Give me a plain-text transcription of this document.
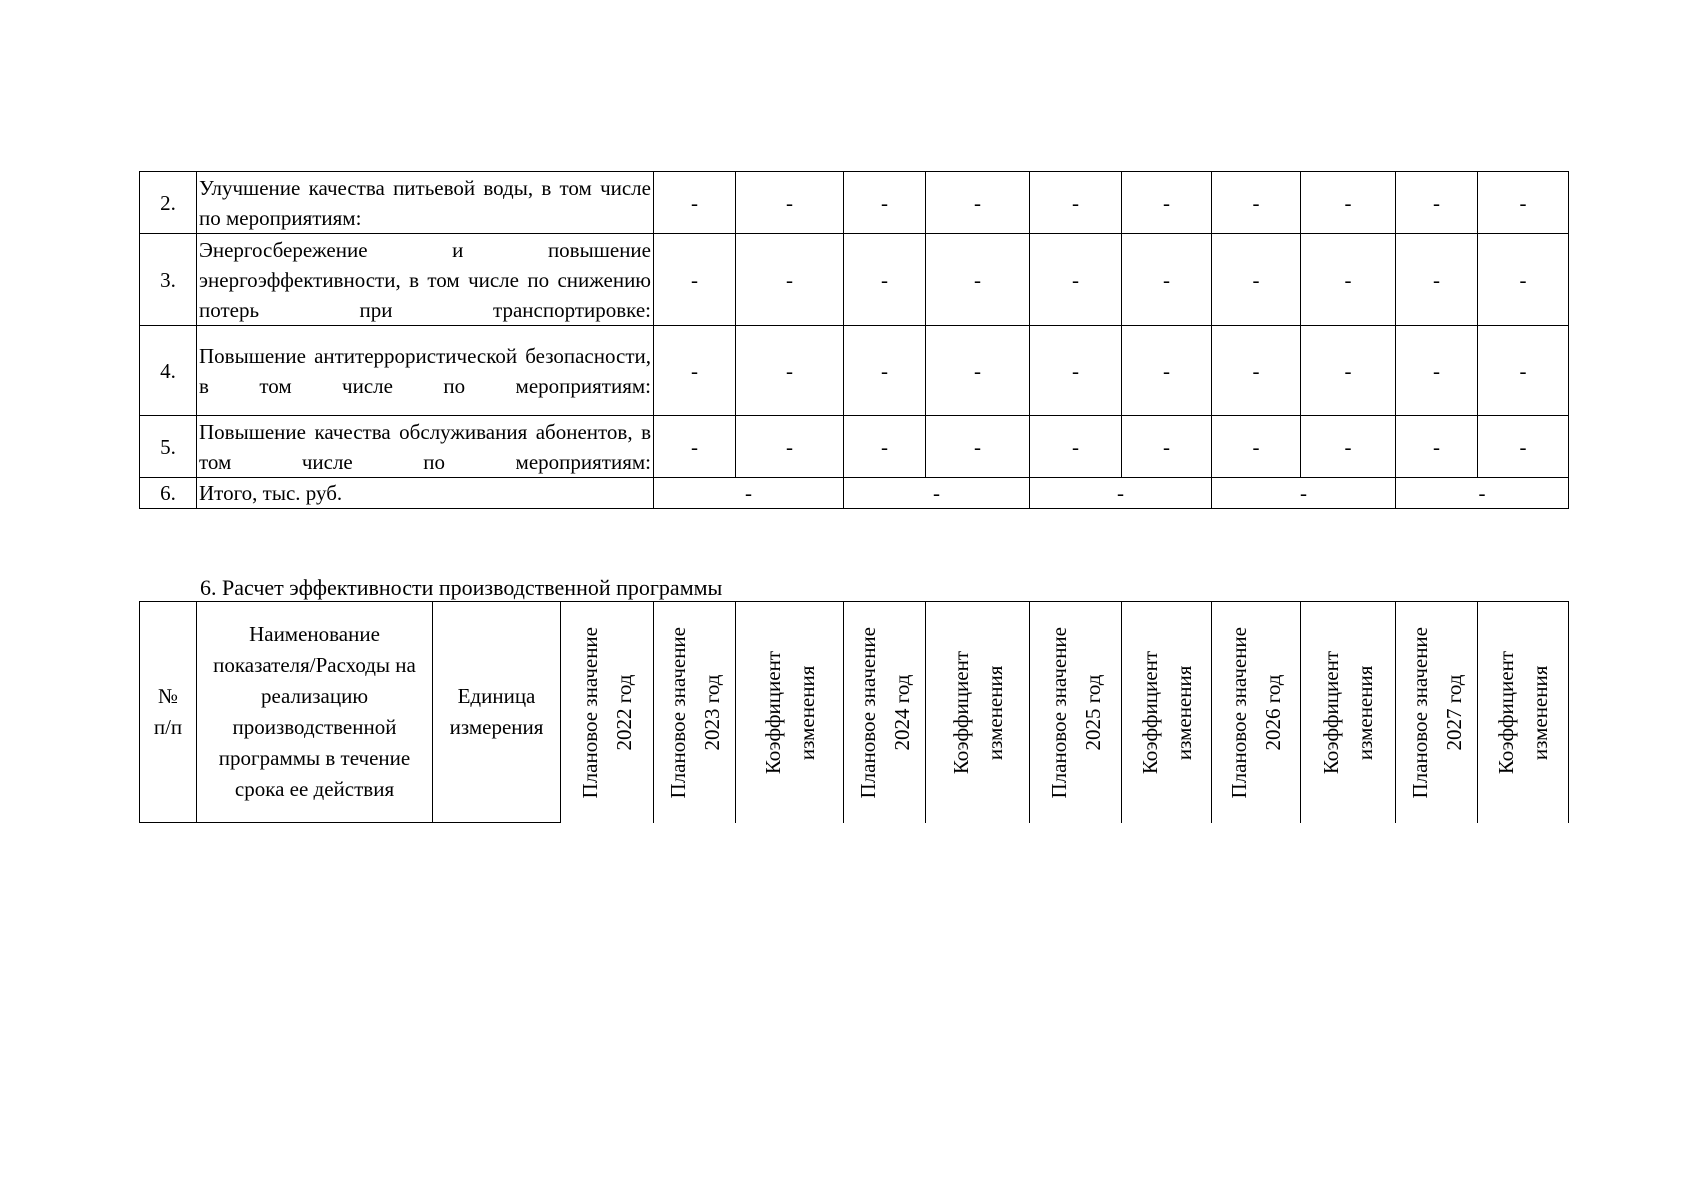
2.	Улучшение качества питьевой воды, в том числе по мероприятиям:	-	-	-	-	-	-	-	-	-	-
3.	Энергосбережение и повышение энергоэффективности, в том числе по снижению потерь при транспортировке:	-	-	-	-	-	-	-	-	-	-
4.	Повышение антитеррористической безопасности, в том числе по мероприятиям:	-	-	-	-	-	-	-	-	-	-
5.	Повышение качества обслуживания абонентов, в том числе по мероприятиям:	-	-	-	-	-	-	-	-	-	-
6.	Итого, тыс. руб.	-		-		-		-		-	
6. Расчет эффективности производственной программы
№ п/п	Наименование показателя/Расходы на реализацию производственной программы в течение срока ее действия	Единица измерения	Плановое значение 2022 год	Плановое значение 2023 год	Коэффициент изменения	Плановое значение 2024 год	Коэффициент изменения	Плановое значение 2025 год	Коэффициент изменения	Плановое значение 2026 год	Коэффициент изменения	Плановое значение 2027 год	Коэффициент изменения
